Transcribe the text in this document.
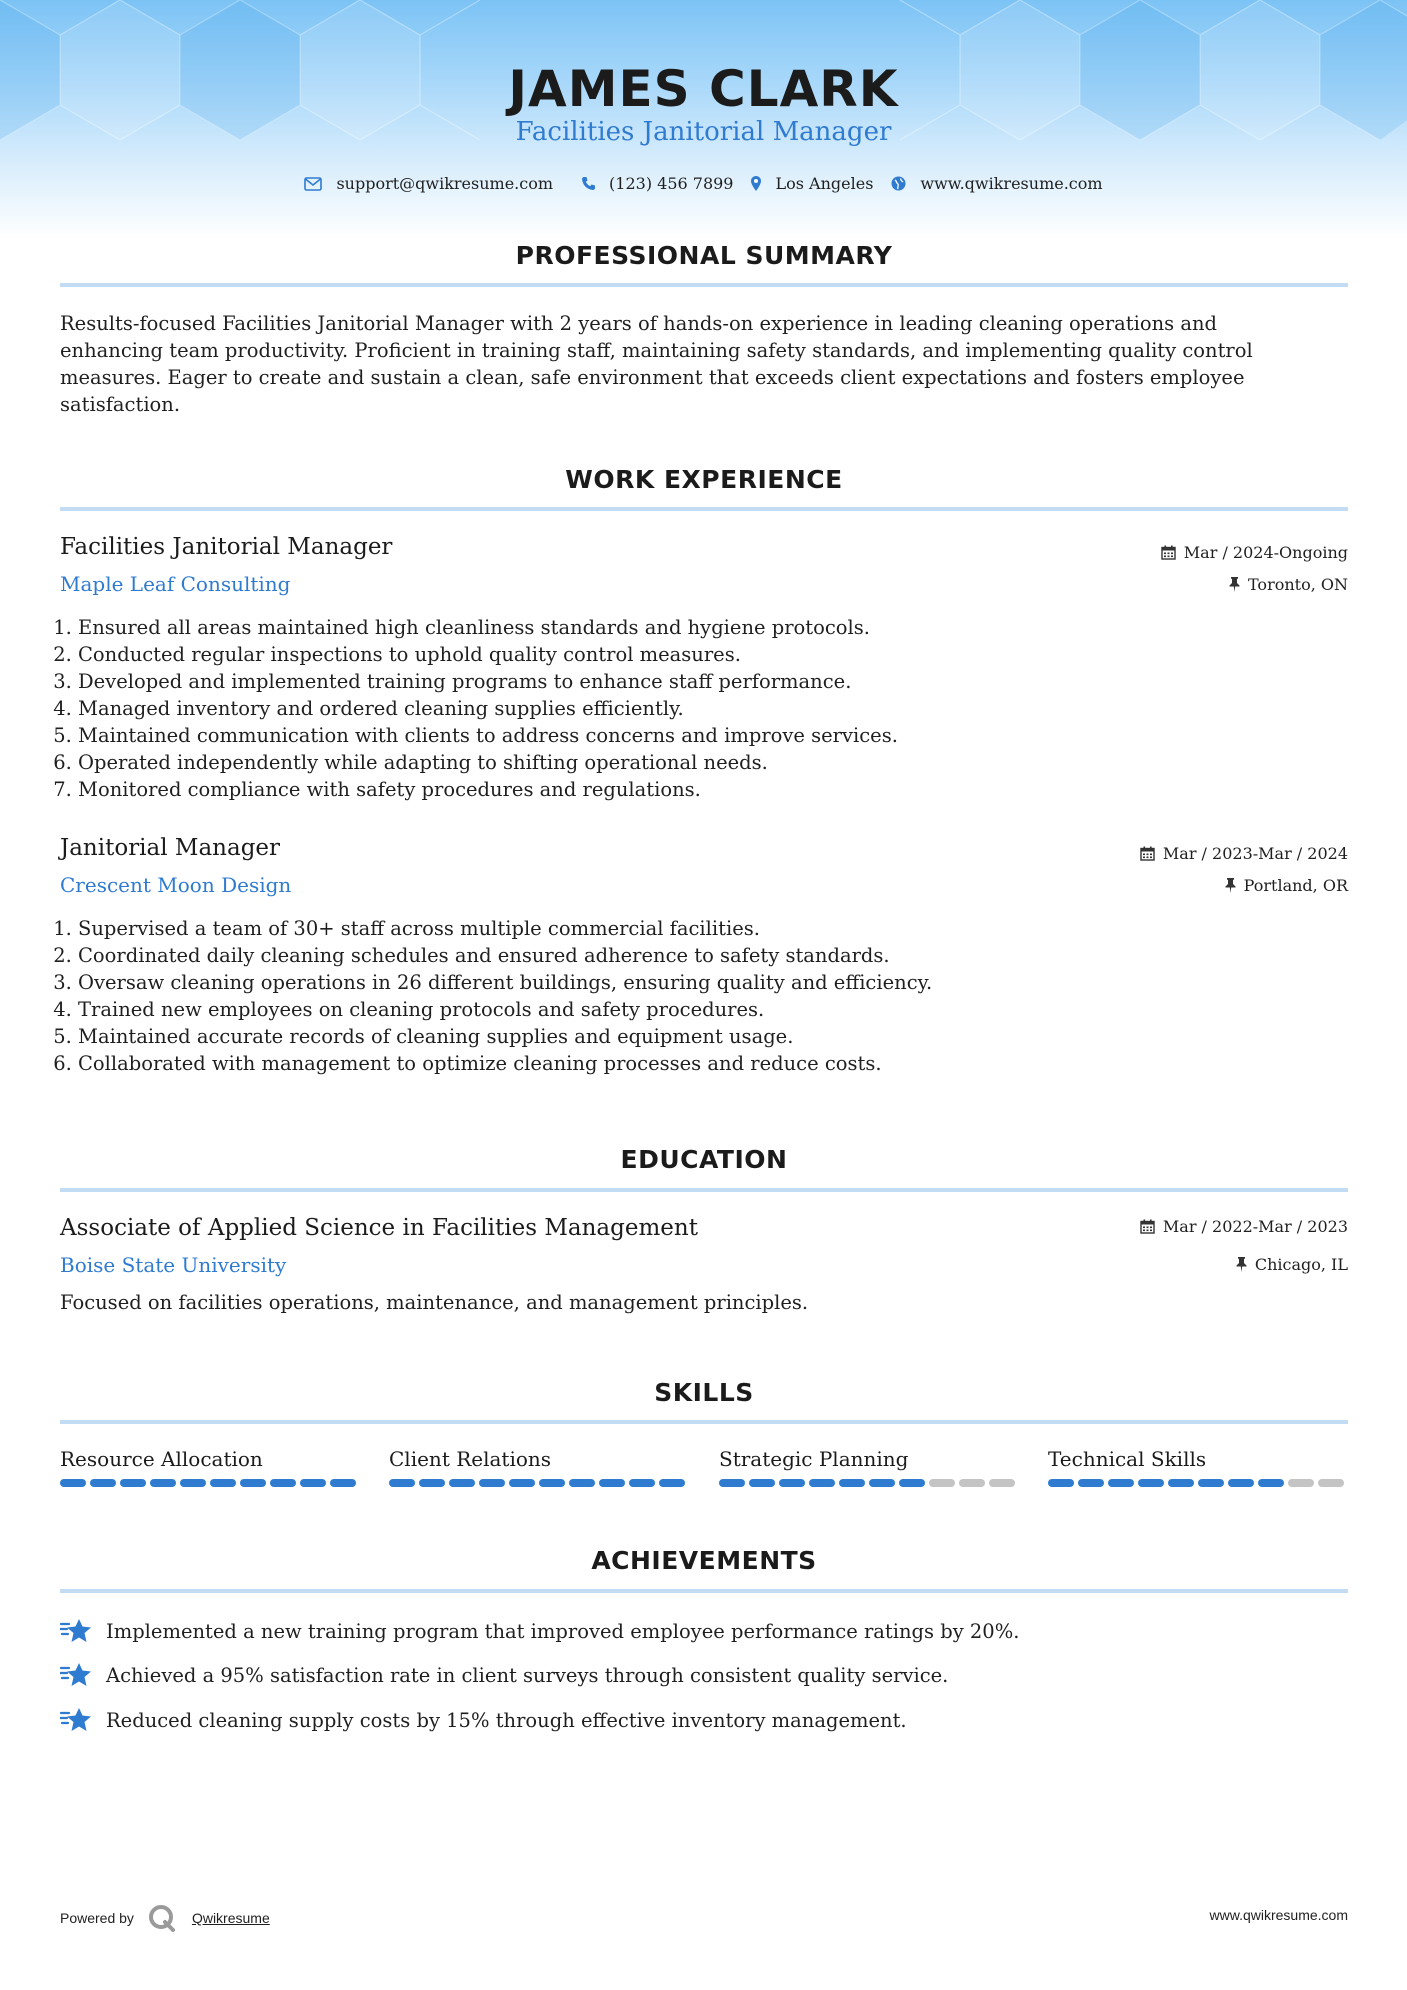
JAMES CLARK
Facilities Janitorial Manager
support@qwikresume.com	(123) 456 7899	Los Angeles	www.qwikresume.com
PROFESSIONAL SUMMARY
Results-focused Facilities Janitorial Manager with 2 years of hands-on experience in leading cleaning operations and enhancing team productivity. Proficient in training staff, maintaining safety standards, and implementing quality control measures. Eager to create and sustain a clean, safe environment that exceeds client expectations and fosters employee satisfaction.
WORK EXPERIENCE
Facilities Janitorial Manager	Mar / 2024-Ongoing
Maple Leaf Consulting	Toronto, ON
1. Ensured all areas maintained high cleanliness standards and hygiene protocols.
2. Conducted regular inspections to uphold quality control measures.
3. Developed and implemented training programs to enhance staff performance.
4. Managed inventory and ordered cleaning supplies efficiently.
5. Maintained communication with clients to address concerns and improve services.
6. Operated independently while adapting to shifting operational needs.
7. Monitored compliance with safety procedures and regulations.
Janitorial Manager	Mar / 2023-Mar / 2024
Crescent Moon Design	Portland, OR
1. Supervised a team of 30+ staff across multiple commercial facilities.
2. Coordinated daily cleaning schedules and ensured adherence to safety standards.
3. Oversaw cleaning operations in 26 different buildings, ensuring quality and efficiency.
4. Trained new employees on cleaning protocols and safety procedures.
5. Maintained accurate records of cleaning supplies and equipment usage.
6. Collaborated with management to optimize cleaning processes and reduce costs.
EDUCATION
Associate of Applied Science in Facilities Management	Mar / 2022-Mar / 2023
Boise State University	Chicago, IL
Focused on facilities operations, maintenance, and management principles.
SKILLS
Resource Allocation	Client Relations	Strategic Planning	Technical Skills
ACHIEVEMENTS
Implemented a new training program that improved employee performance ratings by 20%.
Achieved a 95% satisfaction rate in client surveys through consistent quality service.
Reduced cleaning supply costs by 15% through effective inventory management.
Powered by	Qwikresume	www.qwikresume.com
